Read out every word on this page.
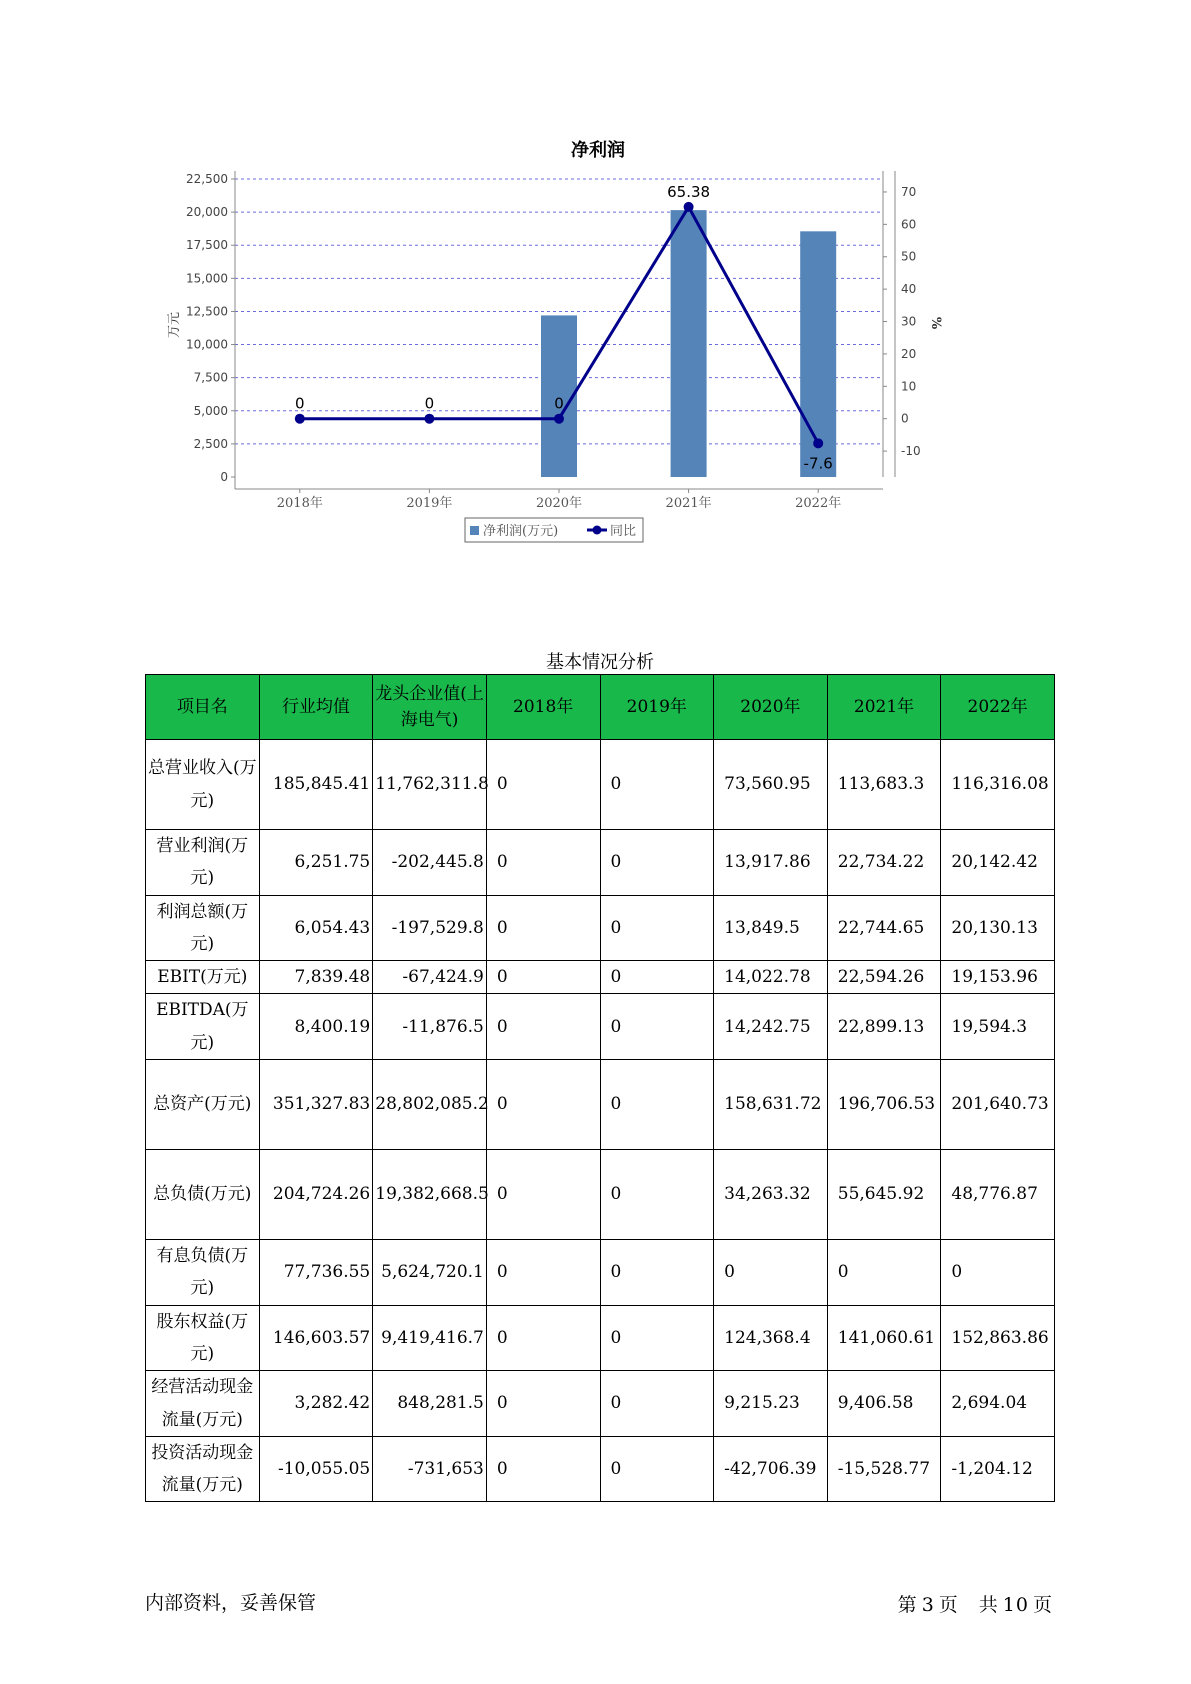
净利润
0
2,500
5,000
7,500
10,000
12,500
15,000
17,500
20,000
22,500
-10
0
10
20
30
40
50
60
70
万元	%
2018年	2019年	2020年	2021年	2022年
0	0	0
65.38
-7.6
净利润(万元)	同比
基本情况分析
项目名	行业均值	龙头企业值(上海电气)	2018年	2019年	2020年	2021年	2022年
总营业收入(万元)	185,845.41	11,762,311.8	0	0	73,560.95	113,683.3	116,316.08
营业利润(万元)	6,251.75	-202,445.8	0	0	13,917.86	22,734.22	20,142.42
利润总额(万元)	6,054.43	-197,529.8	0	0	13,849.5	22,744.65	20,130.13
EBIT(万元)	7,839.48	-67,424.9	0	0	14,022.78	22,594.26	19,153.96
EBITDA(万元)	8,400.19	-11,876.5	0	0	14,242.75	22,899.13	19,594.3
总资产(万元)	351,327.83	28,802,085.2	0	0	158,631.72	196,706.53	201,640.73
总负债(万元)	204,724.26	19,382,668.5	0	0	34,263.32	55,645.92	48,776.87
有息负债(万元)	77,736.55	5,624,720.1	0	0	0	0	0
股东权益(万元)	146,603.57	9,419,416.7	0	0	124,368.4	141,060.61	152,863.86
经营活动现金流量(万元)	3,282.42	848,281.5	0	0	9,215.23	9,406.58	2,694.04
投资活动现金流量(万元)	-10,055.05	-731,653	0	0	-42,706.39	-15,528.77	-1,204.12
内部资料，妥善保管	第 3 页　共 10 页
